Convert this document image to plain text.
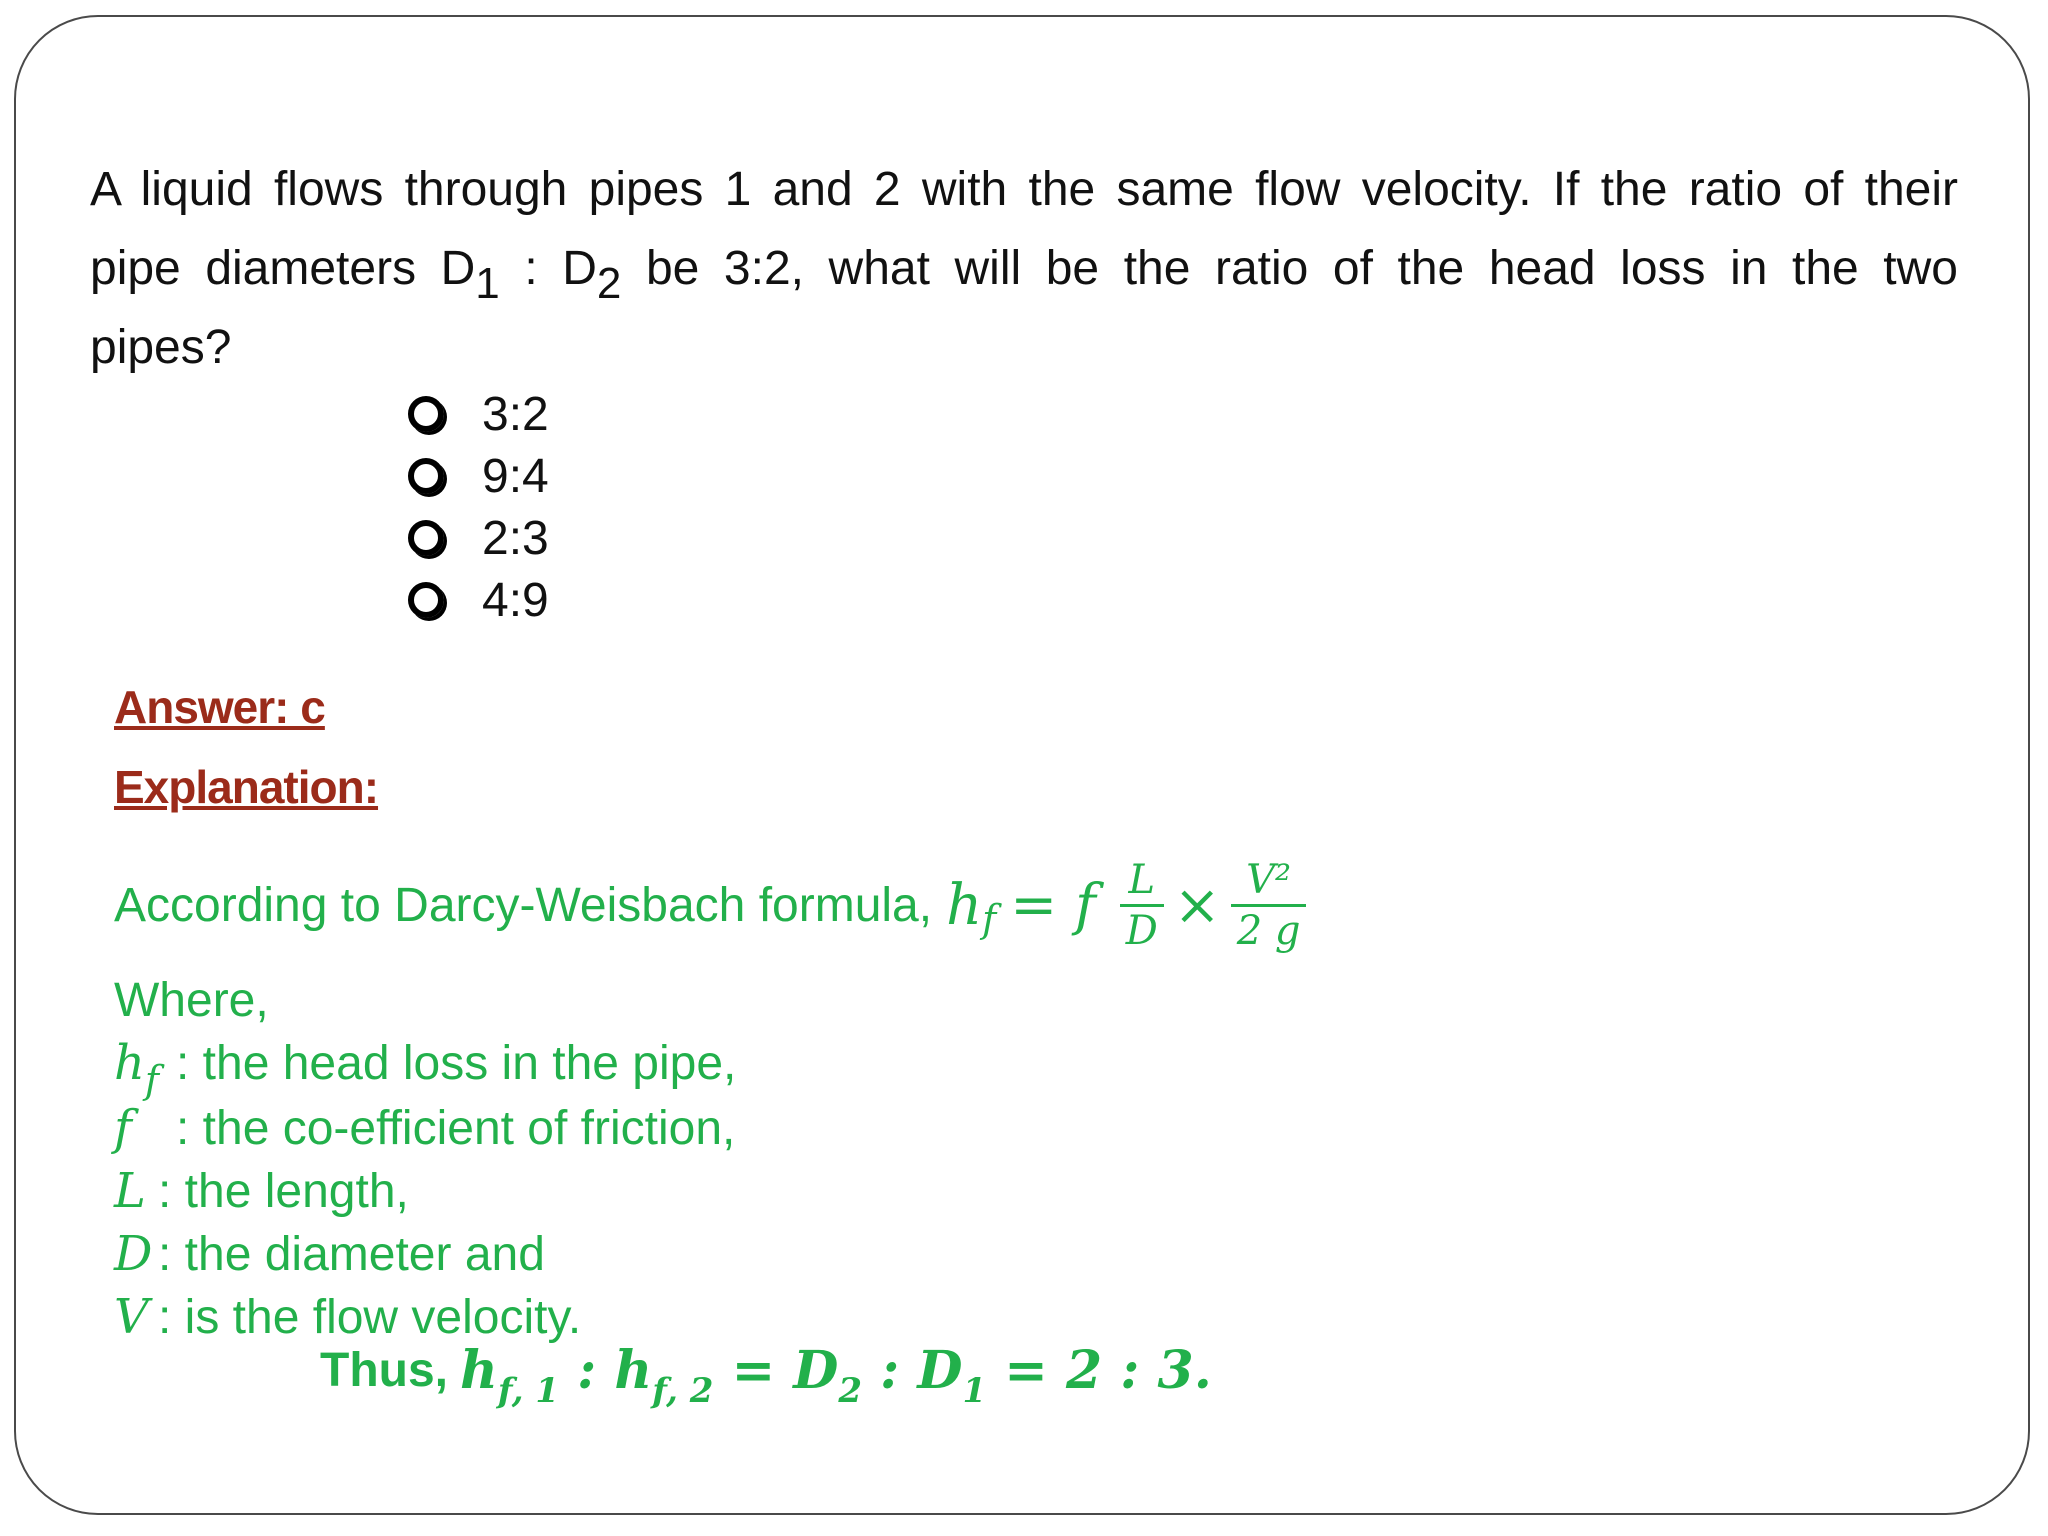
A liquid flows through pipes 1 and 2 with the same flow velocity. If the ratio of their
pipe diameters D1 : D2 be 3:2, what will be the ratio of the head loss in the two
pipes?
3:2
9:4
2:3
4:9
Answer: c
Explanation:
According to Darcy-Weisbach formula, h f = f $\frac{L}{D} \times \frac{\text{V²}}{2 g}$
Where,
$h_f$ : the head loss in the pipe,
f : the co-efficient of friction,
L : the length,
D : the diameter and
V : is the flow velocity.
Thus, $h_{f, 1}$ : $h_{f, 2} = D_2$ : $D_1 = 2$ : 3.
